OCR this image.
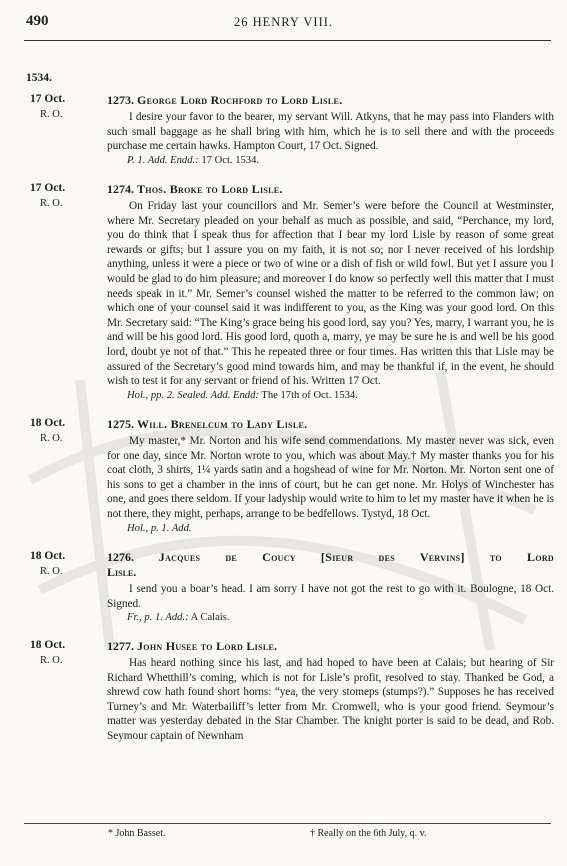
490	26 HENRY VIII.
1534.
17 Oct.
R. O.
1273. George Lord Rochford to Lord Lisle.

I desire your favor to the bearer, my servant Will. Atkyns, that he may pass into Flanders with such small baggage as he shall bring with him, which he is to sell there and with the proceeds purchase me certain hawks. Hampton Court, 17 Oct. Signed.

P. 1. Add. Endd.: 17 Oct. 1534.
17 Oct.
R. O.
1274. Thos. Broke to Lord Lisle.

On Friday last your councillors and Mr. Semer’s were before the Council at Westminster, where Mr. Secretary pleaded on your behalf as much as possible, and said, “Perchance, my lord, you do think that I speak thus for affection that I bear my lord Lisle by reason of some great rewards or gifts; but I assure you on my faith, it is not so; nor I never received of his lordship anything, unless it were a piece or two of wine or a dish of fish or wild fowl. But yet I assure you I would be glad to do him pleasure; and moreover I do know so perfectly well this matter that I must needs speak in it.” Mr. Semer’s counsel wished the matter to be referred to the common law; on which one of your counsel said it was indifferent to you, as the King was your good lord. On this Mr. Secretary said: “The King’s grace being his good lord, say you? Yes, marry, I warrant you, he is and will be his good lord. His good lord, quoth a, marry, ye may be sure he is and well be his good lord, doubt ye not of that.” This he repeated three or four times. Has written this that Lisle may be assured of the Secretary’s good mind towards him, and may be thankful if, in the event, he should wish to test it for any servant or friend of his. Written 17 Oct.

Hol., pp. 2. Sealed. Add. Endd: The 17th of Oct. 1534.
18 Oct.
R. O.
1275. Will. Brenelcum to Lady Lisle.

My master,* Mr. Norton and his wife send commendations. My master never was sick, even for one day, since Mr. Norton wrote to you, which was about May.† My master thanks you for his coat cloth, 3 shirts, 1¼ yards satin and a hogshead of wine for Mr. Norton. Mr. Norton sent one of his sons to get a chamber in the inns of court, but he can get none. Mr. Holys of Winchester has one, and goes there seldom. If your ladyship would write to him to let my master have it when he is not there, they might, perhaps, arrange to be bedfellows. Tystyd, 18 Oct.

Hol., p. 1. Add.
18 Oct.
R. O.
1276. Jacques de Coucy [Sieur des Vervins] to Lord
Lisle.

I send you a boar’s head. I am sorry I have not got the rest to go with it. Boulogne, 18 Oct. Signed.

Fr., p. 1. Add.: A Calais.
18 Oct.
R. O.
1277. John Husee to Lord Lisle.

Has heard nothing since his last, and had hoped to have been at Calais; but hearing of Sir Richard Whetthill’s coming, which is not for Lisle’s profit, resolved to stay. Thanked be God, a shrewd cow hath found short horns: “yea, the very stomeps (stumps?).” Supposes he has received Turney’s and Mr. Waterbailiff’s letter from Mr. Cromwell, who is your good friend. Seymour’s matter was yesterday debated in the Star Chamber. The knight porter is said to be dead, and Rob. Seymour captain of Newnham

* John Basset.	† Really on the 6th July, q. v.
